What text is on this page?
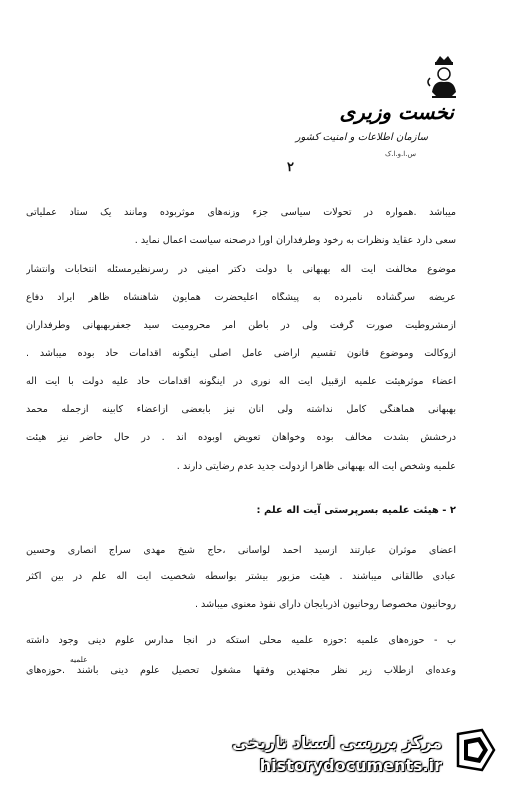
نخست وزیری
سازمان اطلاعات و امنیت کشور
س.ا.و.ا.ک
۲
میباشد .همواره در تحولات سیاسی جزء وزنه‌های موثربوده ومانند یک ستاد عملیاتی
سعی دارد عقاید ونظرات به رخود وطرفداران اورا درصحنه سیاست اعمال نماید .
موضوع مخالفت آیت اله بهبهانی با دولت دکتر امینی در رسرنظیرمسئله انتخابات وانتشار
عریضه سرگشاده نامبرده به پیشگاه اعلیحضرت همایون شاهنشاه ظاهر ایراد دفاع
ازمشروطیت صورت گرفت ولی در باطن امر محرومیت سید جعفربهبهانی وطرفداران
ازوکالت وموضوع قانون تقسیم اراضی عامل اصلی اینگونه اقدامات حاد بوده میباشد .
اعضاء موثرهیئت علمیه ازقبیل آیت اله نوری در اینگونه اقدامات حاد علیه دولت با آیت اله
بهبهانی هماهنگی کامل نداشته ولی آنان نیز بابعضی ازاعضاء کابینه ازجمله محمد
درخشش بشدت مخالف بوده وخواهان تعویض اوبوده اند . در حال حاضر نیز هیئت
علمیه وشخص آیت اله بهبهانی ظاهرا ازدولت جدید عدم رضایتی دارند .
۲ - هیئت علمیه بسرپرستی آیت اله علم :
اعضای موثران عبارتند ازسید احمد لواسانی ،حاج شیخ مهدی سراج انصاری وحسین
عبادی طالقانی میباشند . هیئت مزبور بیشتر بواسطه شخصیت آیت اله علم در بین اکثر
روحانیون مخصوصا روحانیون آذربایجان دارای نفوذ معنوی میباشد .
ب - حوزه‌های علمیه :حوزه علمیه محلی استکه در آنجا مدارس علوم دینی وجود داشته
علمیه
وعده‌ای ازطلاب زیر نظر مجتهدین وفقها مشغول تحصیل علوم دینی باشند .حوزه‌های
مرکز بررسی اسناد تاریخی
historydocuments.ir
